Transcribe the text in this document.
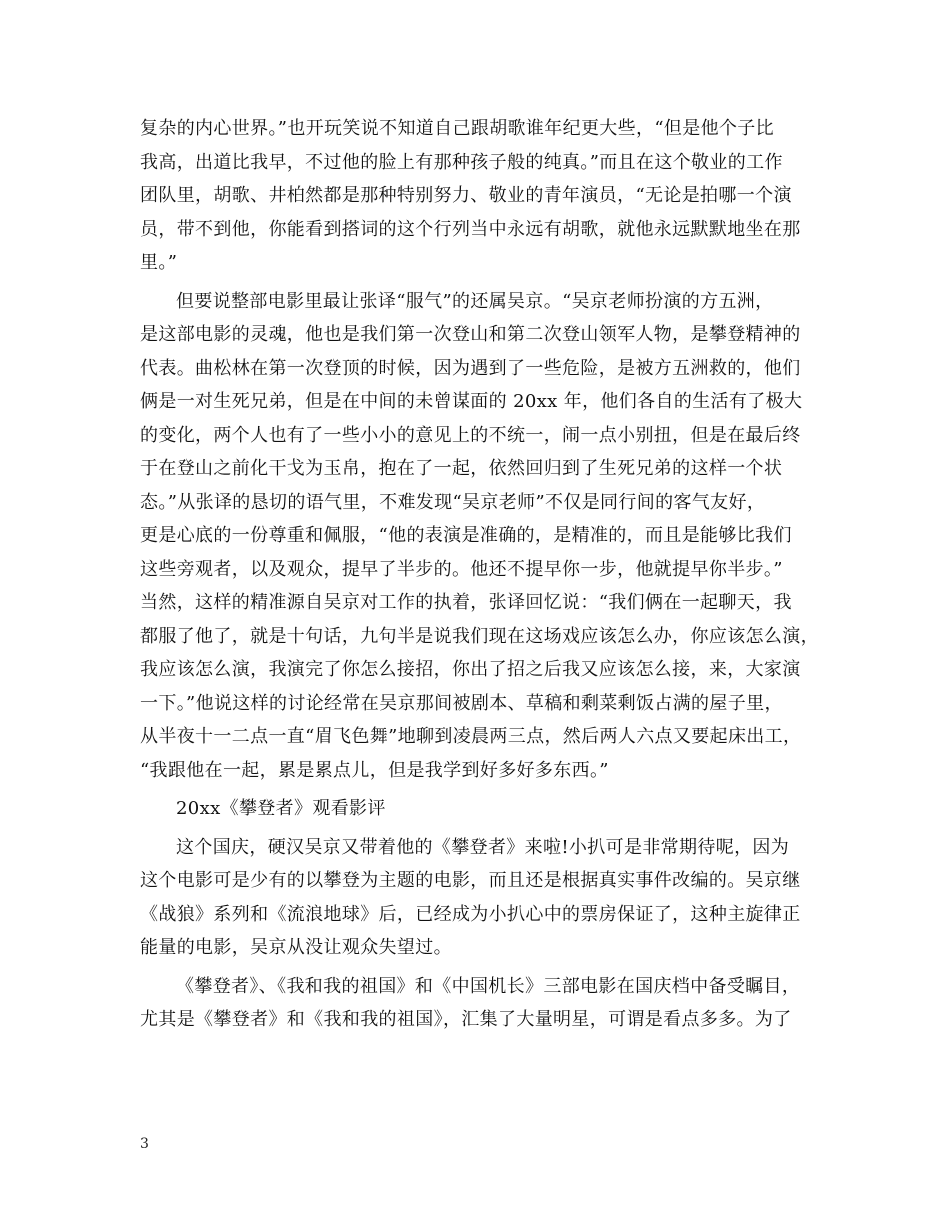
复杂的内心世界。”也开玩笑说不知道自己跟胡歌谁年纪更大些，“但是他个子比
我高，出道比我早，不过他的脸上有那种孩子般的纯真。”而且在这个敬业的工作
团队里，胡歌、井柏然都是那种特别努力、敬业的青年演员，“无论是拍哪一个演
员，带不到他，你能看到搭词的这个行列当中永远有胡歌，就他永远默默地坐在那
里。”
但要说整部电影里最让张译“服气”的还属吴京。“吴京老师扮演的方五洲，
是这部电影的灵魂，他也是我们第一次登山和第二次登山领军人物，是攀登精神的
代表。曲松林在第一次登顶的时候，因为遇到了一些危险，是被方五洲救的，他们
俩是一对生死兄弟，但是在中间的未曾谋面的 20xx 年，他们各自的生活有了极大
的变化，两个人也有了一些小小的意见上的不统一，闹一点小别扭，但是在最后终
于在登山之前化干戈为玉帛，抱在了一起，依然回归到了生死兄弟的这样一个状
态。”从张译的恳切的语气里，不难发现“吴京老师”不仅是同行间的客气友好，
更是心底的一份尊重和佩服，“他的表演是准确的，是精准的，而且是能够比我们
这些旁观者，以及观众，提早了半步的。他还不提早你一步，他就提早你半步。”
当然，这样的精准源自吴京对工作的执着，张译回忆说：“我们俩在一起聊天，我
都服了他了，就是十句话，九句半是说我们现在这场戏应该怎么办，你应该怎么演，
我应该怎么演，我演完了你怎么接招，你出了招之后我又应该怎么接，来，大家演
一下。”他说这样的讨论经常在吴京那间被剧本、草稿和剩菜剩饭占满的屋子里，
从半夜十一二点一直“眉飞色舞”地聊到凌晨两三点，然后两人六点又要起床出工，
“我跟他在一起，累是累点儿，但是我学到好多好多东西。”
20xx《攀登者》观看影评
这个国庆，硬汉吴京又带着他的《攀登者》来啦!小扒可是非常期待呢，因为
这个电影可是少有的以攀登为主题的电影，而且还是根据真实事件改编的。吴京继
《战狼》系列和《流浪地球》后，已经成为小扒心中的票房保证了，这种主旋律正
能量的电影，吴京从没让观众失望过。
《攀登者》、《我和我的祖国》和《中国机长》三部电影在国庆档中备受瞩目，
尤其是《攀登者》和《我和我的祖国》，汇集了大量明星，可谓是看点多多。为了
3
